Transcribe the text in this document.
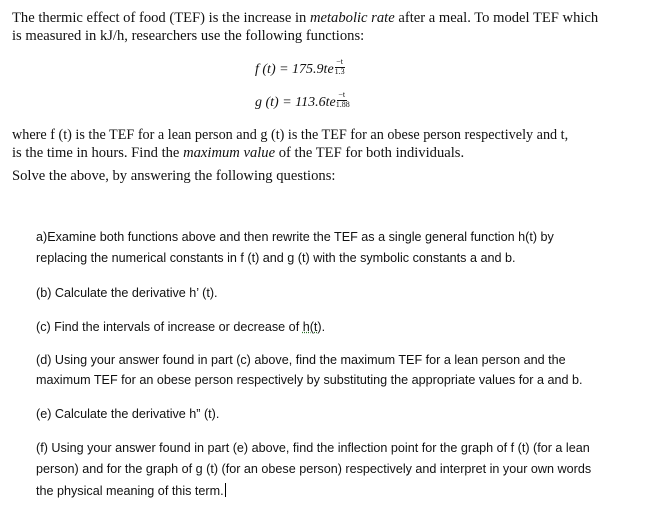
The thermic effect of food (TEF) is the increase in metabolic rate after a meal. To model TEF which
is measured in kJ/h, researchers use the following functions:
f $(t) = 175.9te \frac{-t}{1.3}$
g $(t) = 113.6te \frac{-t}{1.88}$
where f (t) is the TEF for a lean person and g (t) is the TEF for an obese person respectively and t,
is the time in hours. Find the maximum value of the TEF for both individuals.
Solve the above, by answering the following questions:
a)Examine both functions above and then rewrite the TEF as a single general function h(t) by
replacing the numerical constants in f (t) and g (t) with the symbolic constants a and b.
(b) Calculate the derivative h’ (t).
(c) Find the intervals of increase or decrease of h(t).
(d) Using your answer found in part (c) above, find the maximum TEF for a lean person and the
maximum TEF for an obese person respectively by substituting the appropriate values for a and b.
(e) Calculate the derivative h” (t).
(f) Using your answer found in part (e) above, find the inflection point for the graph of f (t) (for a lean
person) and for the graph of g (t) (for an obese person) respectively and interpret in your own words
the physical meaning of this term.
